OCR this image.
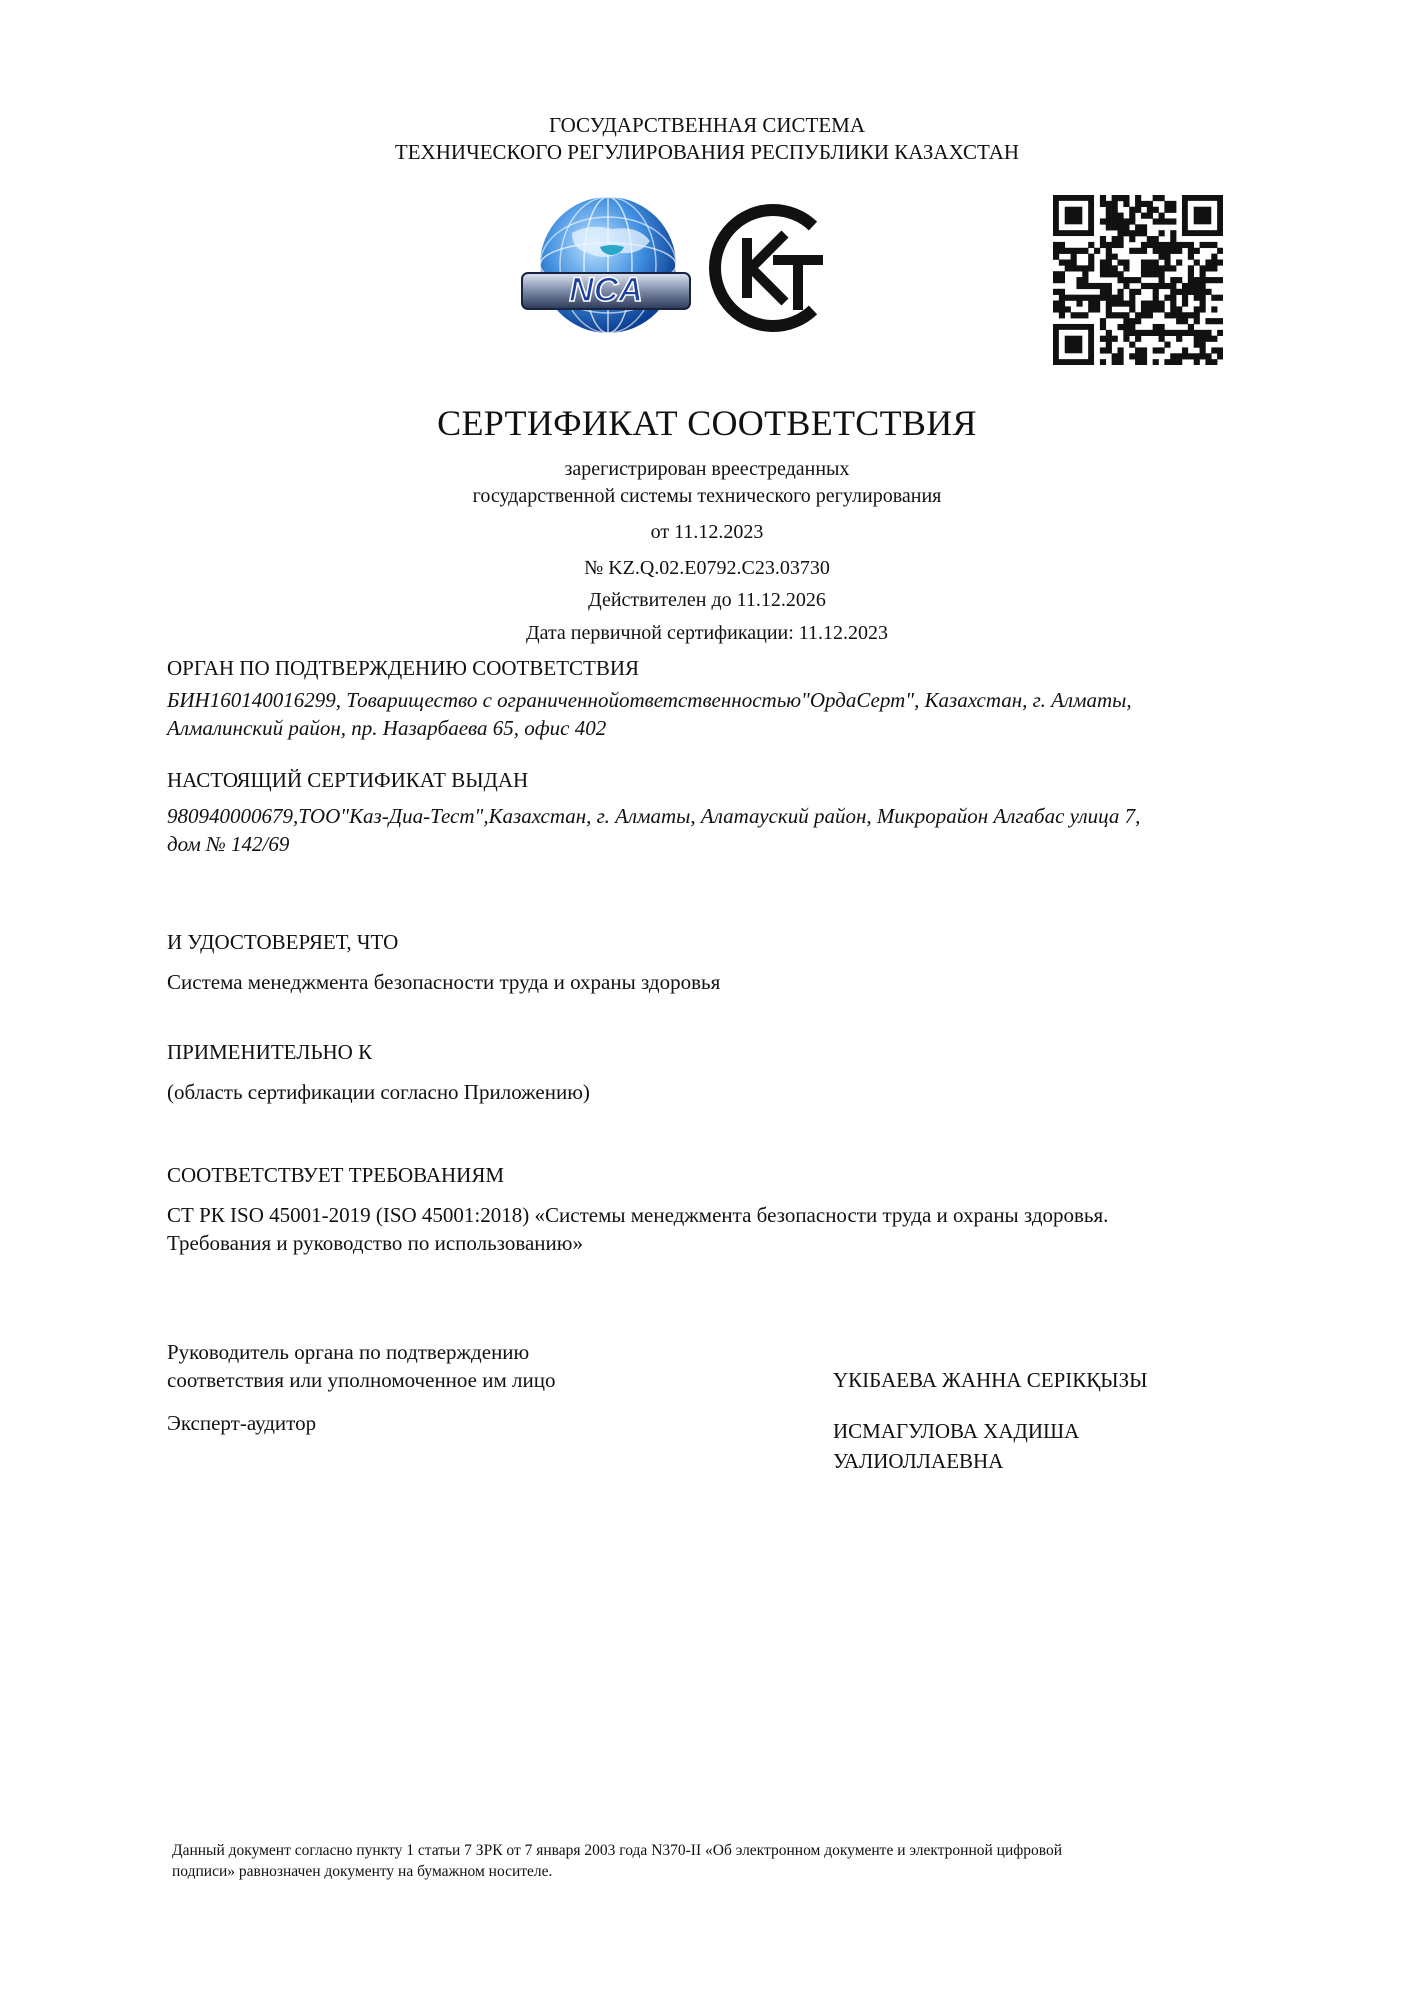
ГОСУДАРСТВЕННАЯ СИСТЕМА
ТЕХНИЧЕСКОГО РЕГУЛИРОВАНИЯ РЕСПУБЛИКИ КАЗАХСТАН
NCA
KT
СЕРТИФИКАТ СООТВЕТСТВИЯ
зарегистрирован вреестреданных
государственной системы технического регулирования
от 11.12.2023
№ KZ.Q.02.E0792.C23.03730
Действителен до 11.12.2026
Дата первичной сертификации: 11.12.2023
ОРГАН ПО ПОДТВЕРЖДЕНИЮ СООТВЕТСТВИЯ
БИН160140016299, Товарищество с ограниченнойответственностью"ОрдаСерт", Казахстан, г. Алматы,
Алмалинский район, пр. Назарбаева 65, офис 402
НАСТОЯЩИЙ СЕРТИФИКАТ ВЫДАН
980940000679,ТОО"Каз-Диа-Тест",Казахстан, г. Алматы, Алатауский район, Микрорайон Алгабас улица 7,
дом № 142/69
И УДОСТОВЕРЯЕТ, ЧТО
Система менеджмента безопасности труда и охраны здоровья
ПРИМЕНИТЕЛЬНО К
(область сертификации согласно Приложению)
СООТВЕТСТВУЕТ ТРЕБОВАНИЯМ
СТ РК ISO 45001-2019 (ISO 45001:2018) «Системы менеджмента безопасности труда и охраны здоровья.
Требования и руководство по использованию»
Руководитель органа по подтверждению
соответствия или уполномоченное им лицо	ҮКІБАЕВА ЖАННА СЕРІКҚЫЗЫ
Эксперт-аудитор	ИСМАГУЛОВА ХАДИША
УАЛИОЛЛАЕВНА
Данный документ согласно пункту 1 статьи 7 ЗРК от 7 января 2003 года N370-II «Об электронном документе и электронной цифровой
подписи» равнозначен документу на бумажном носителе.
